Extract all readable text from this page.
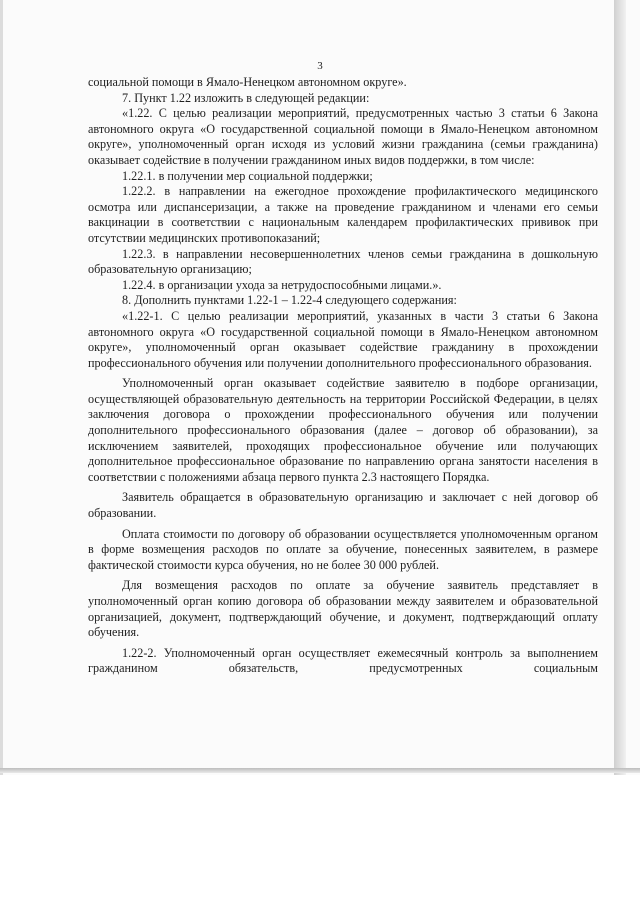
3

социальной помощи в Ямало-Ненецком автономном округе».

7. Пункт 1.22 изложить в следующей редакции:

«1.22. С целью реализации мероприятий, предусмотренных частью 3 статьи 6 Закона автономного округа «О государственной социальной помощи в Ямало-Ненецком автономном округе», уполномоченный орган исходя из условий жизни гражданина (семьи гражданина) оказывает содействие в получении гражданином иных видов поддержки, в том числе:

1.22.1. в получении мер социальной поддержки;

1.22.2. в направлении на ежегодное прохождение профилактического медицинского осмотра или диспансеризации, а также на проведение гражданином и членами его семьи вакцинации в соответствии с национальным календарем профилактических прививок при отсутствии медицинских противопоказаний;

1.22.3. в направлении несовершеннолетних членов семьи гражданина в дошкольную образовательную организацию;

1.22.4. в организации ухода за нетрудоспособными лицами.».

8. Дополнить пунктами 1.22-1 – 1.22-4 следующего содержания:

«1.22-1. С целью реализации мероприятий, указанных в части 3 статьи 6 Закона автономного округа «О государственной социальной помощи в Ямало-Ненецком автономном округе», уполномоченный орган оказывает содействие гражданину в прохождении профессионального обучения или получении дополнительного профессионального образования.

Уполномоченный орган оказывает содействие заявителю в подборе организации, осуществляющей образовательную деятельность на территории Российской Федерации, в целях заключения договора о прохождении профессионального обучения или получении дополнительного профессионального образования (далее – договор об образовании), за исключением заявителей, проходящих профессиональное обучение или получающих дополнительное профессиональное образование по направлению органа занятости населения в соответствии с положениями абзаца первого пункта 2.3 настоящего Порядка.

Заявитель обращается в образовательную организацию и заключает с ней договор об образовании.

Оплата стоимости по договору об образовании осуществляется уполномоченным органом в форме возмещения расходов по оплате за обучение, понесенных заявителем, в размере фактической стоимости курса обучения, но не более 30 000 рублей.

Для возмещения расходов по оплате за обучение заявитель представляет в уполномоченный орган копию договора об образовании между заявителем и образовательной организацией, документ, подтверждающий обучение, и документ, подтверждающий оплату обучения.

1.22-2. Уполномоченный орган осуществляет ежемесячный контроль за выполнением гражданином обязательств, предусмотренных социальным
